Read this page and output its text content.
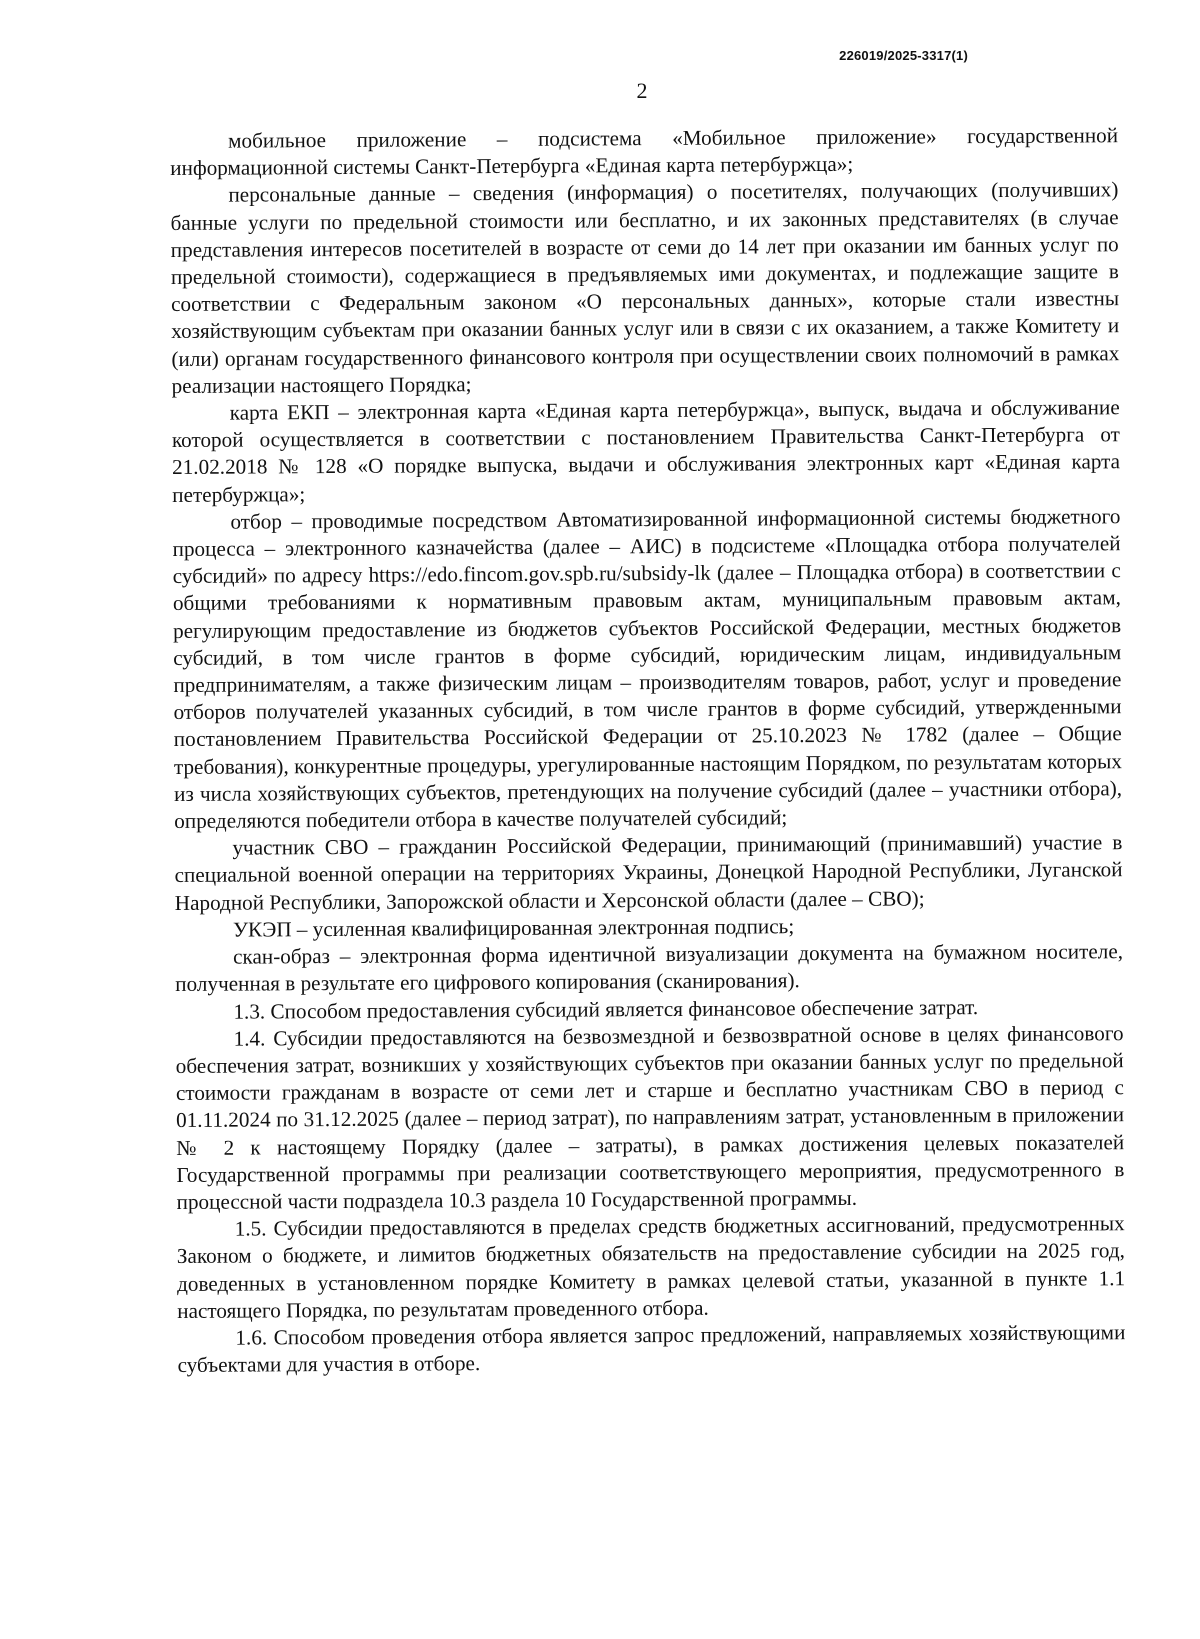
226019/2025-3317(1)
2

мобильное приложение – подсистема «Мобильное приложение» государственной информационной системы Санкт-Петербурга «Единая карта петербуржца»;

персональные данные – сведения (информация) о посетителях, получающих (получивших) банные услуги по предельной стоимости или бесплатно, и их законных представителях (в случае представления интересов посетителей в возрасте от семи до 14 лет при оказании им банных услуг по предельной стоимости), содержащиеся в предъявляемых ими документах, и подлежащие защите в соответствии с Федеральным законом «О персональных данных», которые стали известны хозяйствующим субъектам при оказании банных услуг или в связи с их оказанием, а также Комитету и (или) органам государственного финансового контроля при осуществлении своих полномочий в рамках реализации настоящего Порядка;

карта ЕКП – электронная карта «Единая карта петербуржца», выпуск, выдача и обслуживание которой осуществляется в соответствии с постановлением Правительства Санкт-Петербурга от 21.02.2018 № 128 «О порядке выпуска, выдачи и обслуживания электронных карт «Единая карта петербуржца»;

отбор – проводимые посредством Автоматизированной информационной системы бюджетного процесса – электронного казначейства (далее – АИС) в подсистеме «Площадка отбора получателей субсидий» по адресу https://edo.fincom.gov.spb.ru/subsidy-lk (далее – Площадка отбора) в соответствии с общими требованиями к нормативным правовым актам, муниципальным правовым актам, регулирующим предоставление из бюджетов субъектов Российской Федерации, местных бюджетов субсидий, в том числе грантов в форме субсидий, юридическим лицам, индивидуальным предпринимателям, а также физическим лицам – производителям товаров, работ, услуг и проведение отборов получателей указанных субсидий, в том числе грантов в форме субсидий, утвержденными постановлением Правительства Российской Федерации от 25.10.2023 № 1782 (далее – Общие требования), конкурентные процедуры, урегулированные настоящим Порядком, по результатам которых из числа хозяйствующих субъектов, претендующих на получение субсидий (далее – участники отбора), определяются победители отбора в качестве получателей субсидий;

участник СВО – гражданин Российской Федерации, принимающий (принимавший) участие в специальной военной операции на территориях Украины, Донецкой Народной Республики, Луганской Народной Республики, Запорожской области и Херсонской области (далее – СВО);

УКЭП – усиленная квалифицированная электронная подпись;

скан-образ – электронная форма идентичной визуализации документа на бумажном носителе, полученная в результате его цифрового копирования (сканирования).

1.3. Способом предоставления субсидий является финансовое обеспечение затрат.

1.4. Субсидии предоставляются на безвозмездной и безвозвратной основе в целях финансового обеспечения затрат, возникших у хозяйствующих субъектов при оказании банных услуг по предельной стоимости гражданам в возрасте от семи лет и старше и бесплатно участникам СВО в период с 01.11.2024 по 31.12.2025 (далее – период затрат), по направлениям затрат, установленным в приложении № 2 к настоящему Порядку (далее – затраты), в рамках достижения целевых показателей Государственной программы при реализации соответствующего мероприятия, предусмотренного в процессной части подраздела 10.3 раздела 10 Государственной программы.

1.5. Субсидии предоставляются в пределах средств бюджетных ассигнований, предусмотренных Законом о бюджете, и лимитов бюджетных обязательств на предоставление субсидии на 2025 год, доведенных в установленном порядке Комитету в рамках целевой статьи, указанной в пункте 1.1 настоящего Порядка, по результатам проведенного отбора.

1.6. Способом проведения отбора является запрос предложений, направляемых хозяйствующими субъектами для участия в отборе.
